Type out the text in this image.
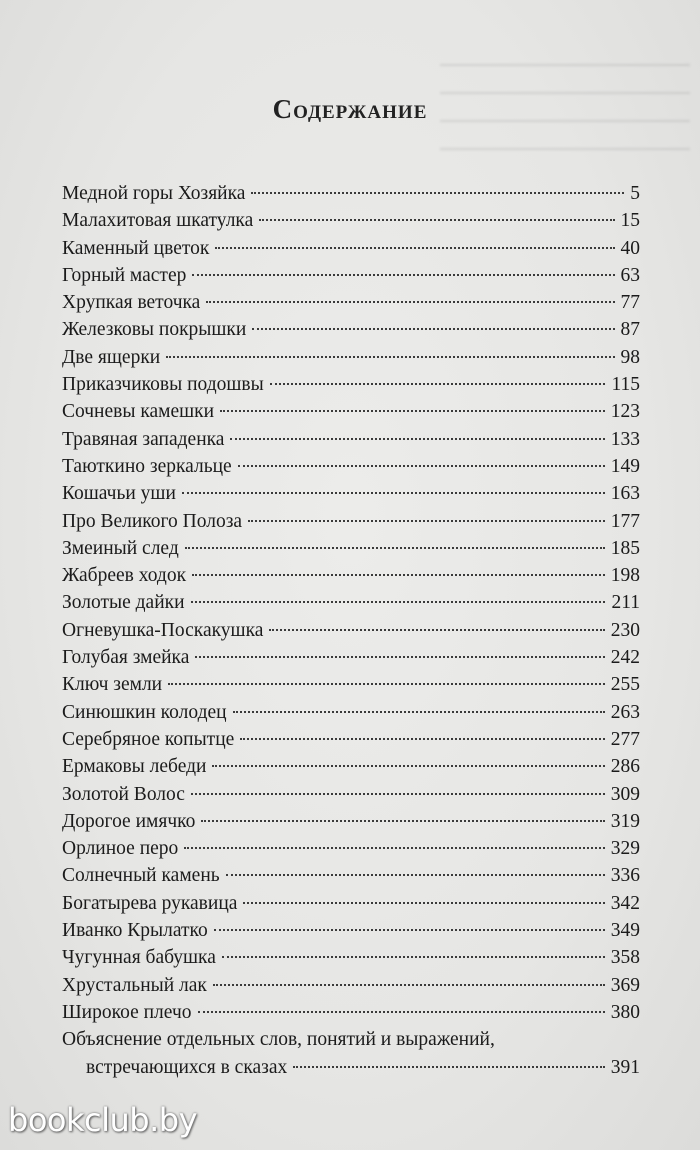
Содержание
Медной горы Хозяйка	5
Малахитовая шкатулка	15
Каменный цветок	40
Горный мастер	63
Хрупкая веточка	77
Железковы покрышки	87
Две ящерки	98
Приказчиковы подошвы	115
Сочневы камешки	123
Травяная западенка	133
Таюткино зеркальце	149
Кошачьи уши	163
Про Великого Полоза	177
Змеиный след	185
Жабреев ходок	198
Золотые дайки	211
Огневушка-Поскакушка	230
Голубая змейка	242
Ключ земли	255
Синюшкин колодец	263
Серебряное копытце	277
Ермаковы лебеди	286
Золотой Волос	309
Дорогое имячко	319
Орлиное перо	329
Солнечный камень	336
Богатырева рукавица	342
Иванко Крылатко	349
Чугунная бабушка	358
Хрустальный лак	369
Широкое плечо	380
Объяснение отдельных слов, понятий и выражений,
встречающихся в сказах	391
bookclub.by
